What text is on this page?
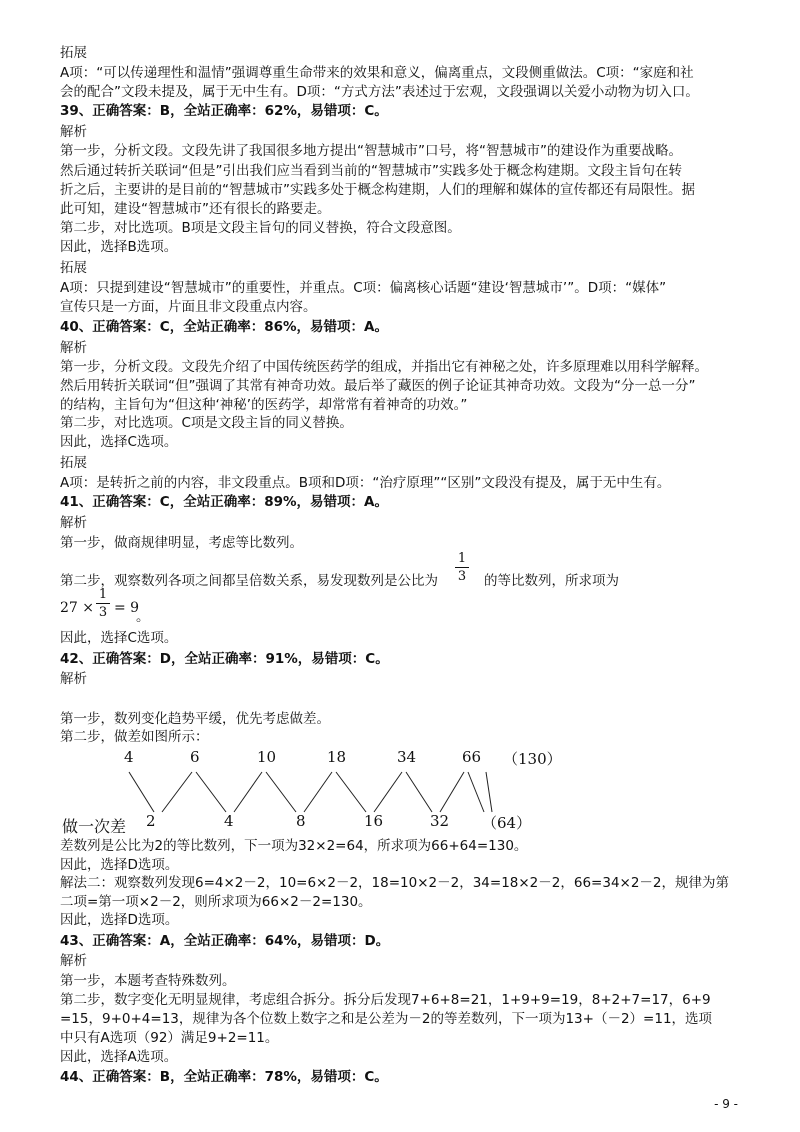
拓展
A项：“可以传递理性和温情”强调尊重生命带来的效果和意义，偏离重点，文段侧重做法。C项：“家庭和社
会的配合”文段未提及，属于无中生有。D项：“方式方法”表述过于宏观，文段强调以关爱小动物为切入口。
39、正确答案：B，全站正确率：62%，易错项：C。
解析
第一步，分析文段。文段先讲了我国很多地方提出“智慧城市”口号，将“智慧城市”的建设作为重要战略。
然后通过转折关联词“但是”引出我们应当看到当前的“智慧城市”实践多处于概念构建期。文段主旨句在转
折之后，主要讲的是目前的“智慧城市”实践多处于概念构建期，人们的理解和媒体的宣传都还有局限性。据
此可知，建设“智慧城市”还有很长的路要走。
第二步，对比选项。B项是文段主旨句的同义替换，符合文段意图。
因此，选择B选项。
拓展
A项：只提到建设“智慧城市”的重要性，并重点。C项：偏离核心话题“建设‘智慧城市’”。D项：“媒体”
宣传只是一方面，片面且非文段重点内容。
40、正确答案：C，全站正确率：86%，易错项：A。
解析
第一步，分析文段。文段先介绍了中国传统医药学的组成，并指出它有神秘之处，许多原理难以用科学解释。
然后用转折关联词“但”强调了其常有神奇功效。最后举了藏医的例子论证其神奇功效。文段为“分一总一分”
的结构，主旨句为“但这种‘神秘’的医药学，却常常有着神奇的功效。”
第二步，对比选项。C项是文段主旨的同义替换。
因此，选择C选项。
拓展
A项：是转折之前的内容，非文段重点。B项和D项：“治疗原理”“区别”文段没有提及，属于无中生有。
41、正确答案：C，全站正确率：89%，易错项：A。
解析
第一步，做商规律明显，考虑等比数列。
第二步，观察数列各项之间都呈倍数关系，易发现数列是公比为
1
3 的等比数列，所求项为
27 ×
1
3 = 9
。
因此，选择C选项。
42、正确答案：D，全站正确率：91%，易错项：C。
解析
第一步，数列变化趋势平缓，优先考虑做差。
第二步，做差如图所示：
4	6	10	18	34	66 （130）
2	4	8	16	32 （64）
做一次差
差数列是公比为2的等比数列，下一项为32×2=64，所求项为66+64=130。
因此，选择D选项。
解法二：观察数列发现6=4×2－2，10=6×2－2，18=10×2－2，34=18×2－2，66=34×2－2，规律为第
二项=第一项×2－2，则所求项为66×2－2=130。
因此，选择D选项。
43、正确答案：A，全站正确率：64%，易错项：D。
解析
第一步，本题考查特殊数列。
第二步，数字变化无明显规律，考虑组合拆分。拆分后发现7+6+8=21，1+9+9=19，8+2+7=17，6+9
=15，9+0+4=13，规律为各个位数上数字之和是公差为－2的等差数列，下一项为13+（－2）=11，选项
中只有A选项（92）满足9+2=11。
因此，选择A选项。
44、正确答案：B，全站正确率：78%，易错项：C。
- 9 -
